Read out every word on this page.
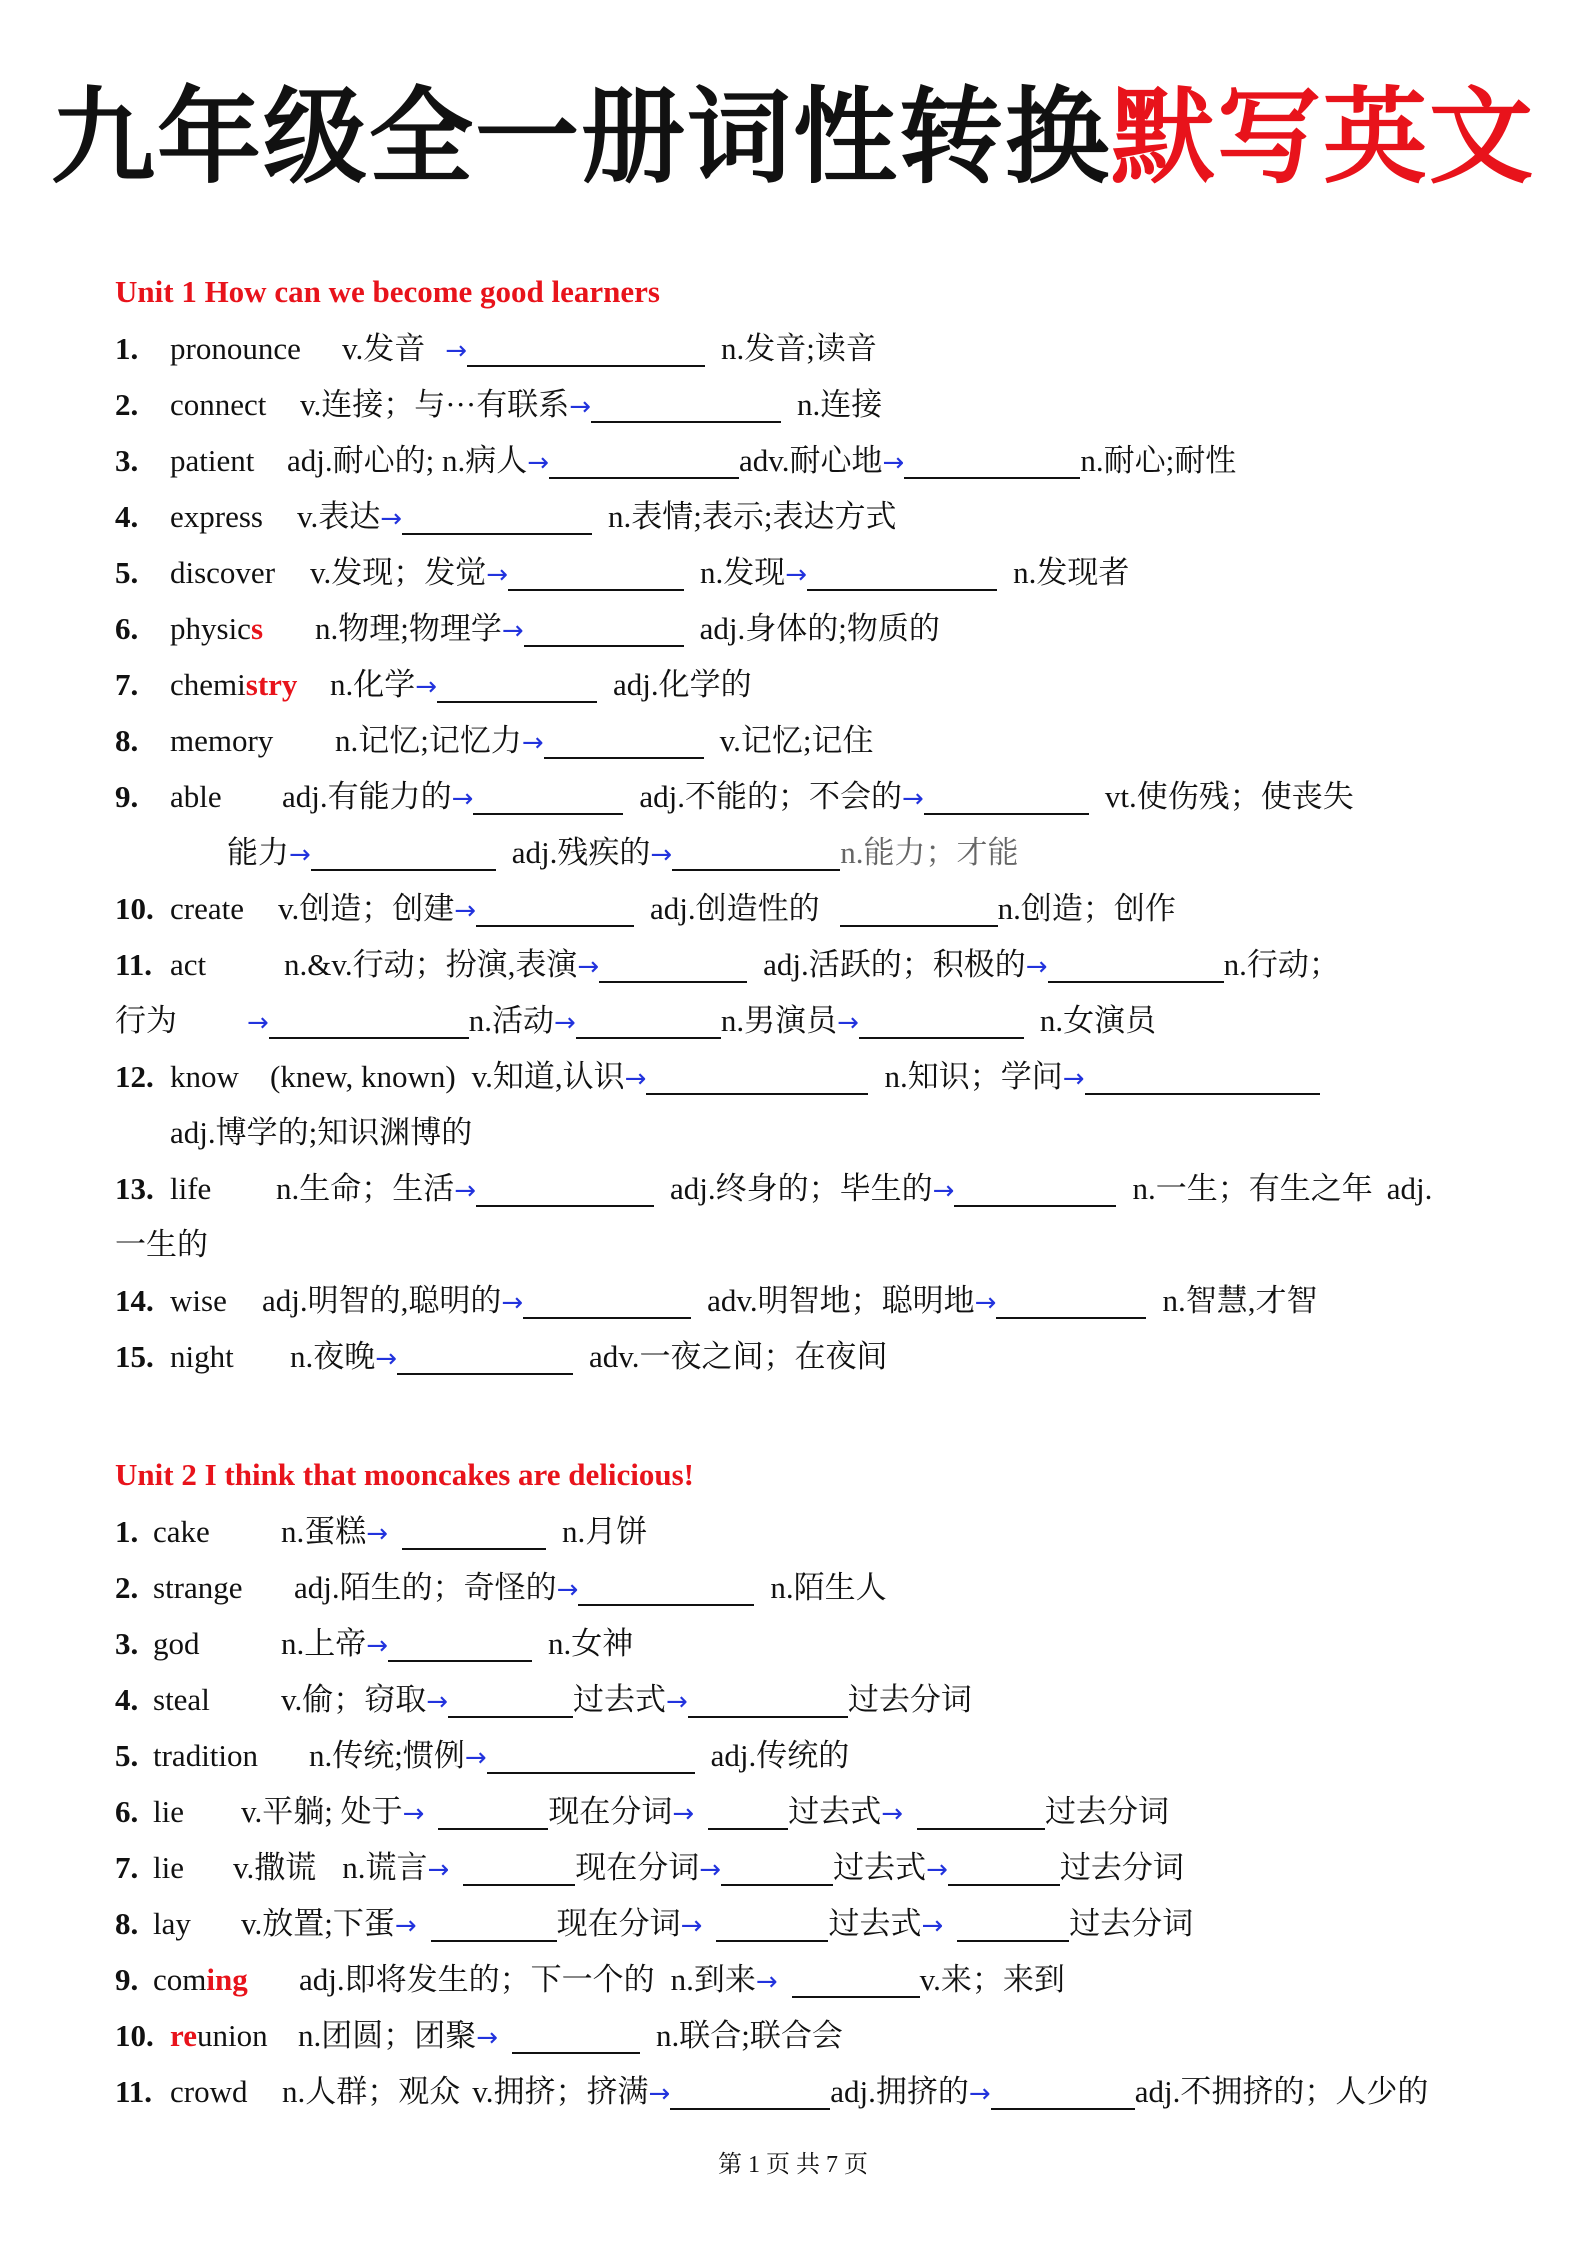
九年级全一册词性转换默写英文
Unit 1 How can we become good learners
1. pronounce v.发音 →	n.发音;读音
2. connect v.连接；与···有联系→	n.连接
3. patient adj.耐心的; n.病人→	adv.耐心地→	n.耐心;耐性
4. express v.表达→	n.表情;表示;表达方式
5. discover v.发现；发觉→	n.发现→	n.发现者
6. physics n.物理;物理学→	adj.身体的;物质的
7. chemistry n.化学→	adj.化学的
8. memory n.记忆;记忆力→	v.记忆;记住
9. able adj.有能力的→	adj.不能的；不会的→	vt.使伤残；使丧失
能力→	adj.残疾的→	n.能力；才能
10. create v.创造；创建→	adj.创造性的	n.创造；创作
11. act	n.&v.行动；扮演,表演→	adj.活跃的；积极的→	n.行动；
行为	→	n.活动→	n.男演员→	n.女演员
12. know (knew, known) v.知道,认识→	n.知识；学问→
adj.博学的;知识渊博的
13. life n.生命；生活→	adj.终身的；毕生的→	n.一生；有生之年 adj.
一生的
14. wise adj.明智的,聪明的→	adv.明智地；聪明地→	n.智慧,才智
15. night n.夜晚→	adv.一夜之间；在夜间
Unit 2 I think that mooncakes are delicious!
1. cake n.蛋糕→	n.月饼
2. strange adj.陌生的；奇怪的→	n.陌生人
3. god	n.上帝→	n.女神
4. steal v.偷；窃取→	过去式→	过去分词
5. tradition n.传统;惯例→	adj.传统的
6. lie v.平躺; 处于→	现在分词→	过去式→	过去分词
7. lie v.撒谎 n.谎言→	现在分词→	过去式→	过去分词
8. lay v.放置;下蛋→	现在分词→	过去式→	过去分词
9. coming adj.即将发生的；下一个的 n.到来→	v.来；来到
10. reunion n.团圆；团聚→	n.联合;联合会
11. crowd n.人群；观众 v.拥挤；挤满→	adj.拥挤的→	adj.不拥挤的；人少的
第 1 页 共 7 页
